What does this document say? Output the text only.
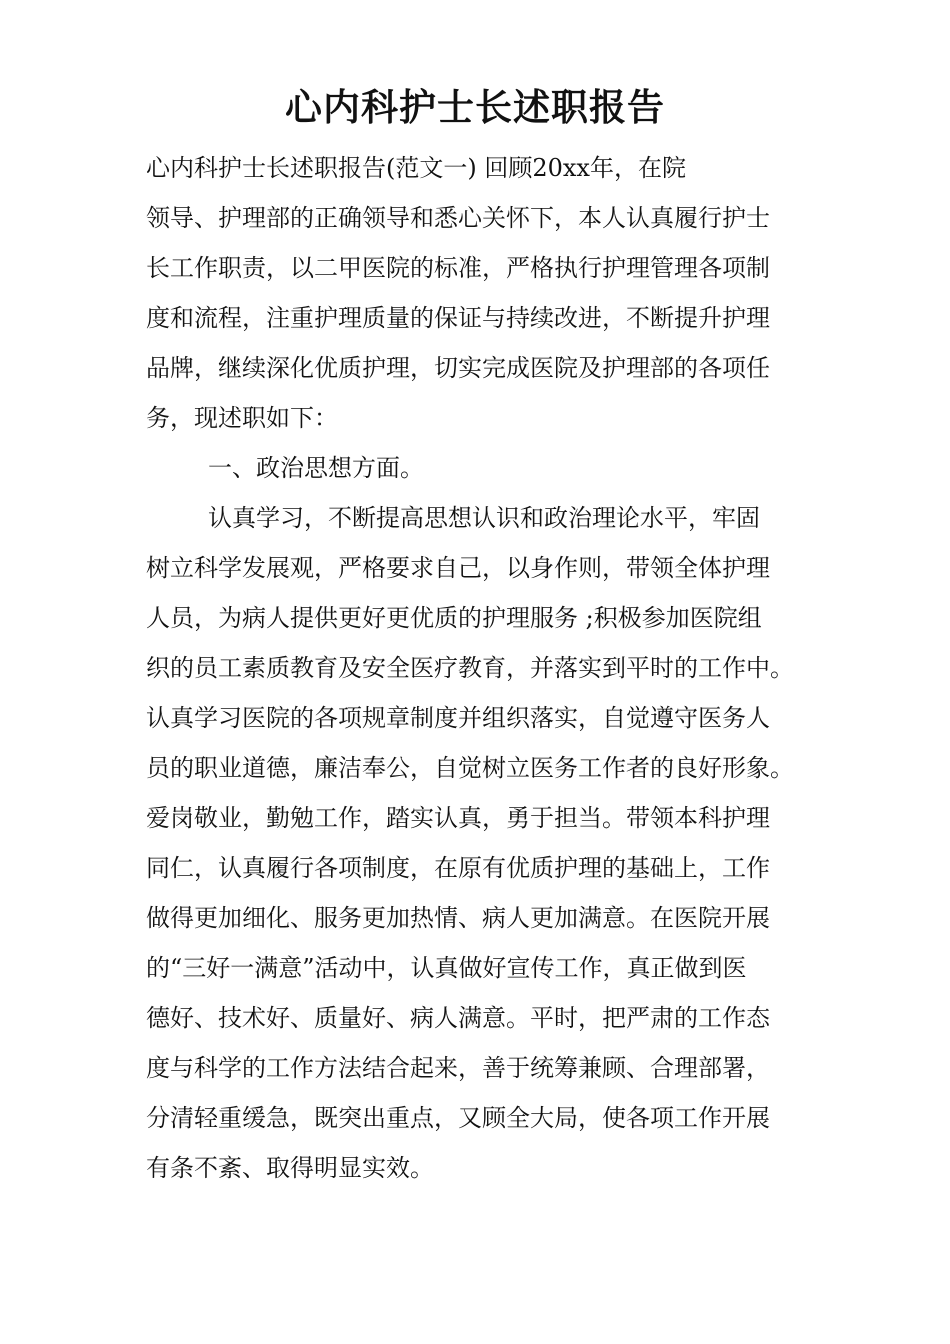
心内科护士长述职报告
心内科护士长述职报告(范文一) 回顾20xx年，在院
领导、护理部的正确领导和悉心关怀下，本人认真履行护士
长工作职责，以二甲医院的标准，严格执行护理管理各项制
度和流程，注重护理质量的保证与持续改进，不断提升护理
品牌，继续深化优质护理，切实完成医院及护理部的各项任
务，现述职如下：
一、政治思想方面。
认真学习，不断提高思想认识和政治理论水平，牢固
树立科学发展观，严格要求自己，以身作则，带领全体护理
人员，为病人提供更好更优质的护理服务 ;积极参加医院组
织的员工素质教育及安全医疗教育，并落实到平时的工作中。
认真学习医院的各项规章制度并组织落实，自觉遵守医务人
员的职业道德，廉洁奉公，自觉树立医务工作者的良好形象。
爱岗敬业，勤勉工作，踏实认真，勇于担当。带领本科护理
同仁，认真履行各项制度，在原有优质护理的基础上，工作
做得更加细化、服务更加热情、病人更加满意。在医院开展
的“三好一满意”活动中，认真做好宣传工作，真正做到医
德好、技术好、质量好、病人满意。平时，把严肃的工作态
度与科学的工作方法结合起来，善于统筹兼顾、合理部署，
分清轻重缓急，既突出重点，又顾全大局，使各项工作开展
有条不紊、取得明显实效。
